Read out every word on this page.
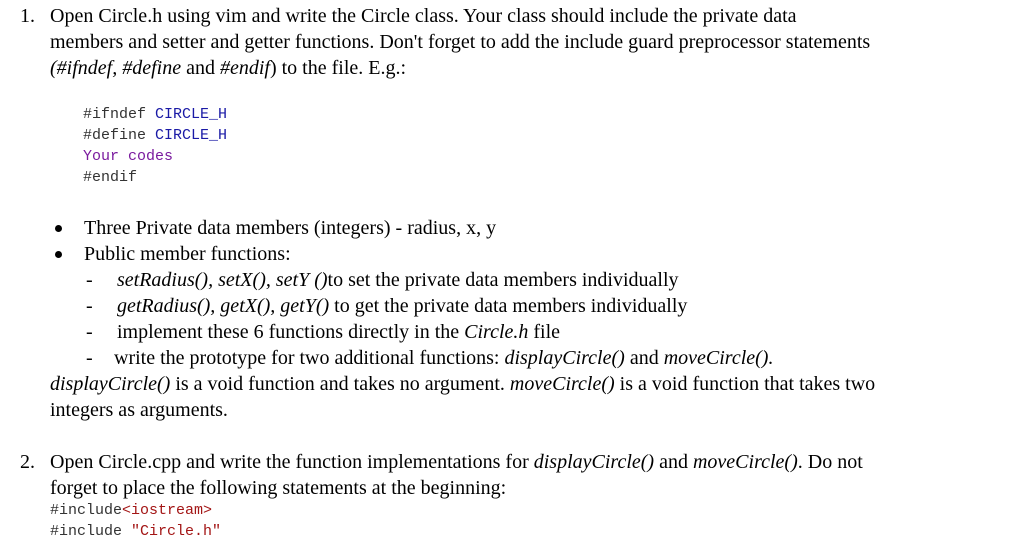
1. Open Circle.h using vim and write the Circle class. Your class should include the private data
members and setter and getter functions. Don't forget to add the include guard preprocessor statements
(#ifndef, #define and #endif) to the file. E.g.:
#ifndef CIRCLE_H
#define CIRCLE_H
Your codes
#endif
Three Private data members (integers) - radius, x, y
Public member functions:
- setRadius(), setX(), setY ()to set the private data members individually
- getRadius(), getX(), getY() to get the private data members individually
- implement these 6 functions directly in the Circle.h file
- write the prototype for two additional functions: displayCircle() and moveCircle().
displayCircle() is a void function and takes no argument. moveCircle() is a void function that takes two
integers as arguments.
2. Open Circle.cpp and write the function implementations for displayCircle() and moveCircle(). Do not
forget to place the following statements at the beginning:
#include<iostream>
#include "Circle.h"
